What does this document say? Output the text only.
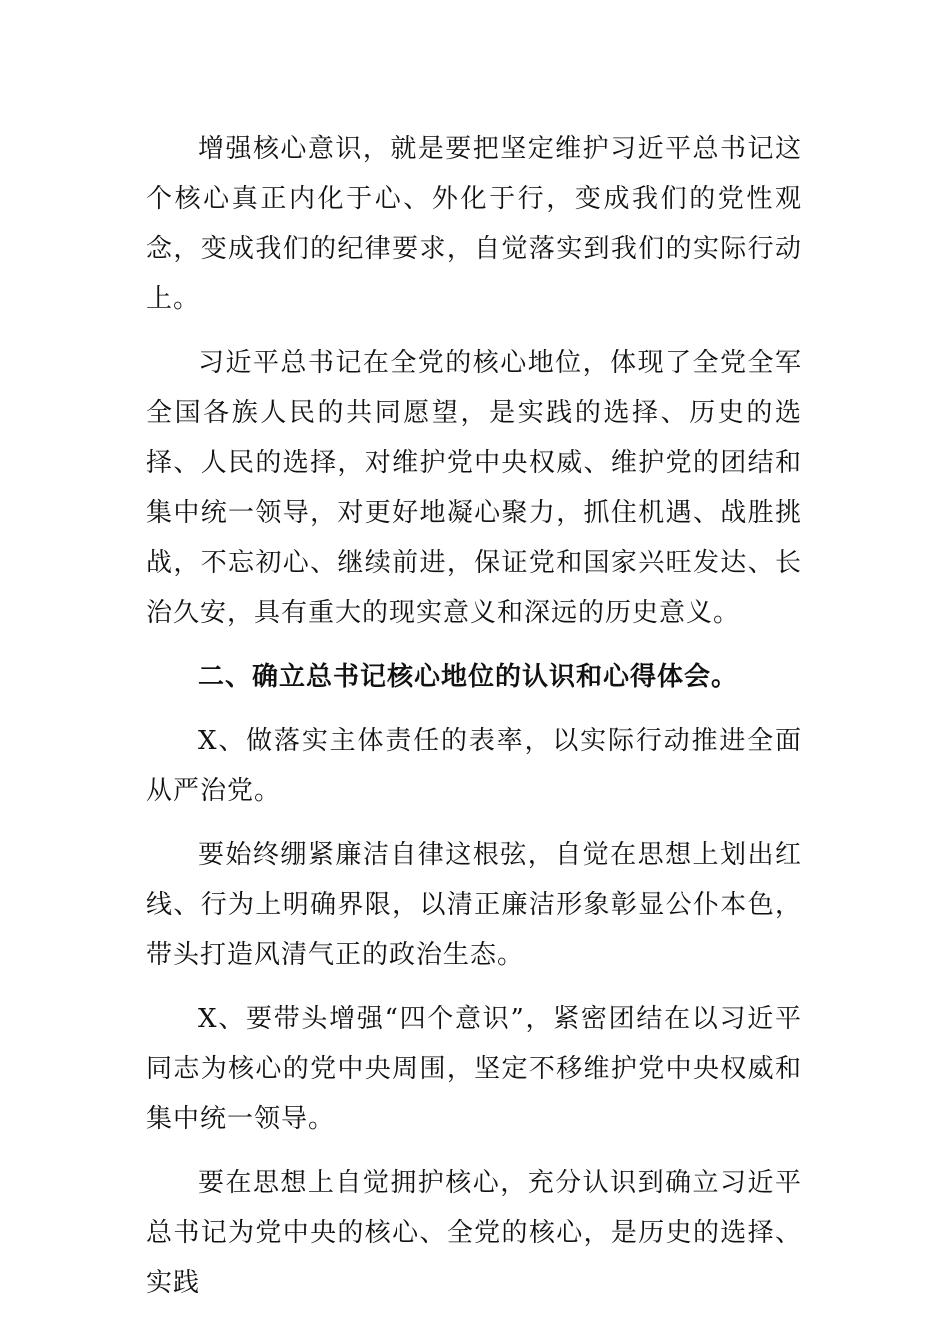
增强核心意识，就是要把坚定维护习近平总书记这个核心真正内化于心、外化于行，变成我们的党性观念，变成我们的纪律要求，自觉落实到我们的实际行动上。

习近平总书记在全党的核心地位，体现了全党全军全国各族人民的共同愿望，是实践的选择、历史的选择、人民的选择，对维护党中央权威、维护党的团结和集中统一领导，对更好地凝心聚力，抓住机遇、战胜挑战，不忘初心、继续前进，保证党和国家兴旺发达、长治久安，具有重大的现实意义和深远的历史意义。

二、确立总书记核心地位的认识和心得体会。

X、做落实主体责任的表率，以实际行动推进全面从严治党。

要始终绷紧廉洁自律这根弦，自觉在思想上划出红线、行为上明确界限，以清正廉洁形象彰显公仆本色，带头打造风清气正的政治生态。

X、要带头增强“四个意识”，紧密团结在以习近平同志为核心的党中央周围，坚定不移维护党中央权威和集中统一领导。

要在思想上自觉拥护核心，充分认识到确立习近平总书记为党中央的核心、全党的核心，是历史的选择、实践
